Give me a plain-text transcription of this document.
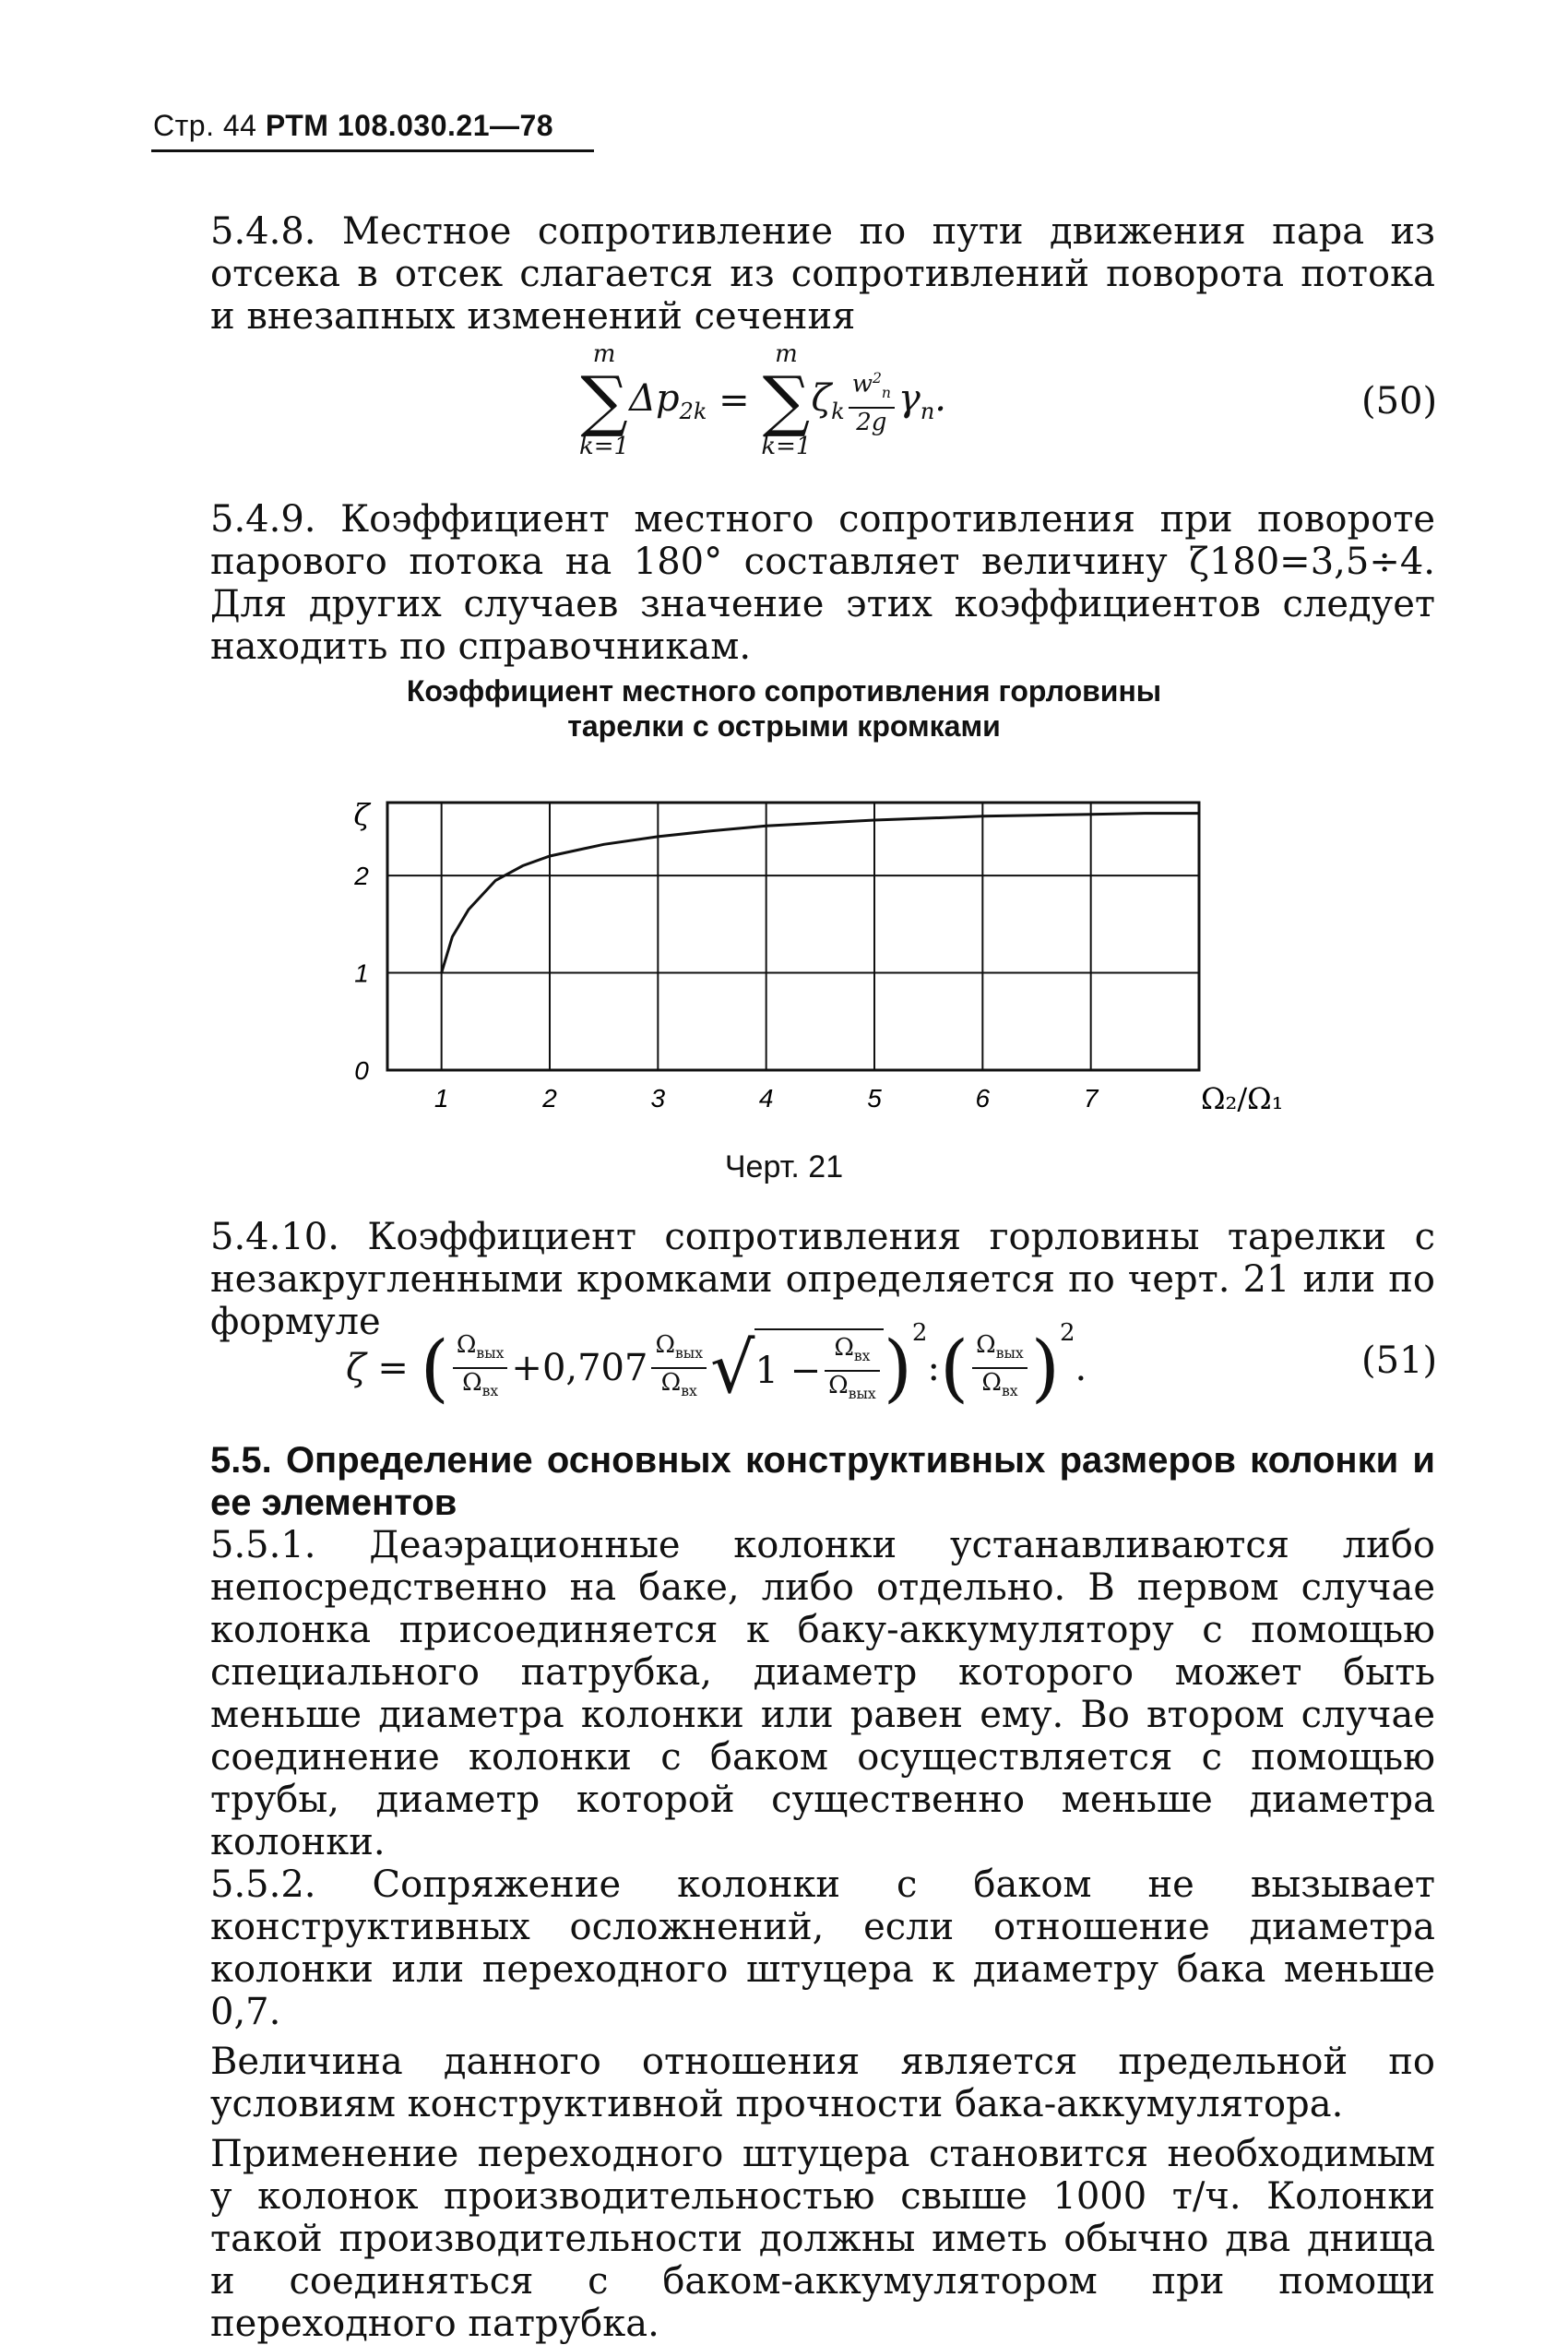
Стр. 44 РТМ 108.030.21—78

5.4.8. Местное сопротивление по пути движения пара из отсека в отсек слагается из сопротивлений поворота потока и внезапных изменений сечения

m
∑
k=1
$\Delta p_{2k}$ =
m
∑
k=1
$\zeta_k \frac{w^2_п}{2g} \gamma_n$.	(50)

5.4.9. Коэффициент местного сопротивления при повороте парового потока на 180° составляет величину ζ180=3,5÷4. Для других случаев значение этих коэффициентов следует находить по справочникам.

Коэффициент местного сопротивления горловины
тарелки с острыми кромками
1	2	3	4	5	6	7
0
1
2
ζ
Ω₂/Ω₁
Черт. 21

5.4.10. Коэффициент сопротивления горловины тарелки с незакругленными кромками определяется по черт. 21 или по формуле

ζ = ( $\frac{\Omega_{вых}}{\Omega_{вх}} +0,707 \frac{\Omega_{вых}}{\Omega_{вх}} √1 - \frac{\Omega_{вх}}{\Omega_{вых}}$ )$^2$:( $\frac{\Omega_{вых}}{\Omega_{вх}} )^2$.	(51)

5.5. Определение основных конструктивных размеров колонки и ее элементов

5.5.1. Деаэрационные колонки устанавливаются либо непосредственно на баке, либо отдельно. В первом случае колонка присоединяется к баку-аккумулятору с помощью специального патрубка, диаметр которого может быть меньше диаметра колонки или равен ему. Во втором случае соединение колонки с баком осуществляется с помощью трубы, диаметр которой существенно меньше диаметра колонки.

5.5.2. Сопряжение колонки с баком не вызывает конструктивных осложнений, если отношение диаметра колонки или переходного штуцера к диаметру бака меньше 0,7.

Величина данного отношения является предельной по условиям конструктивной прочности бака-аккумулятора.

Применение переходного штуцера становится необходимым у колонок производительностью свыше 1000 т/ч. Колонки такой производительности должны иметь обычно два днища и соединяться с баком-аккумулятором при помощи переходного патрубка.
